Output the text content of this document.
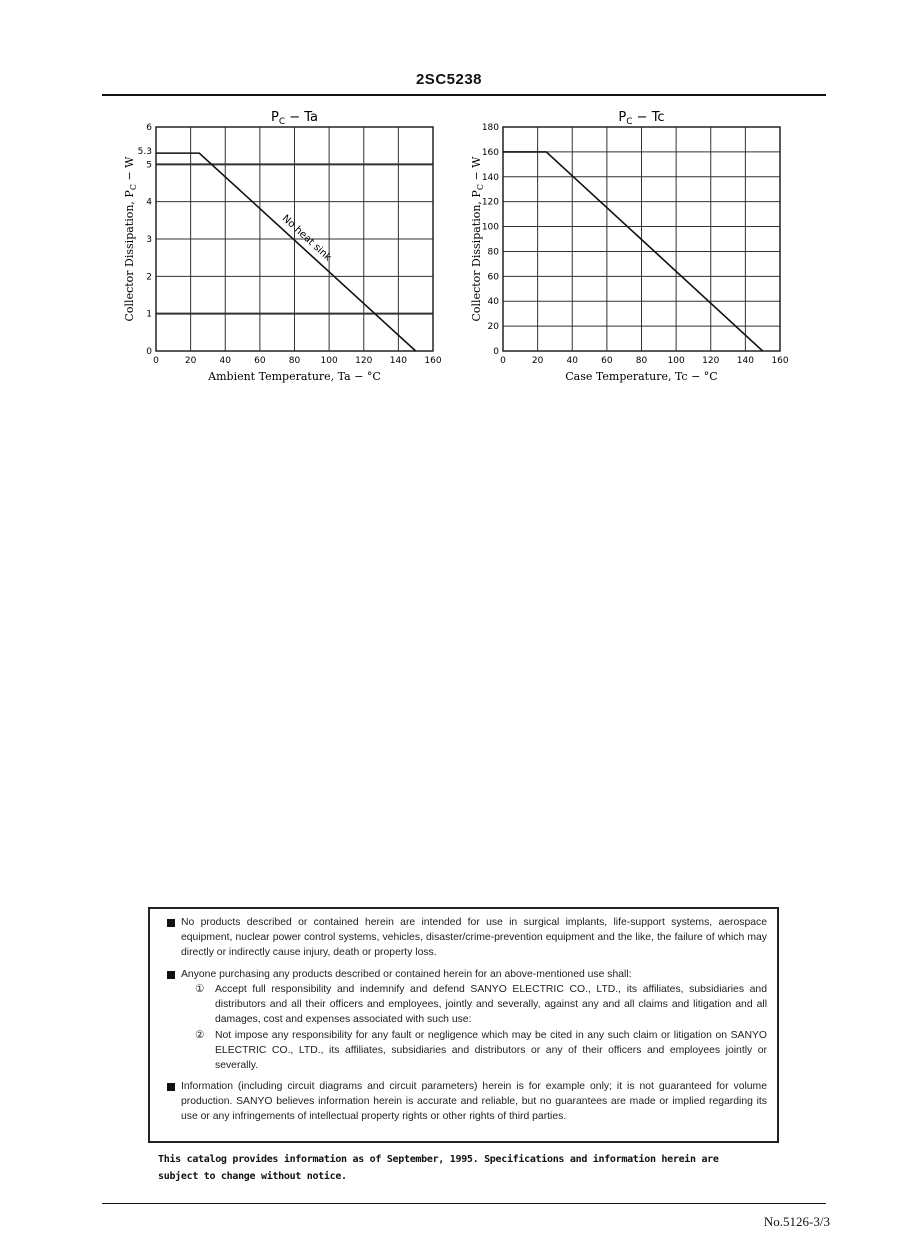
2SC5238
$P_C - Ta$
0	20	40	60	80 100 120 140 160
0
1
2
3
4
5
6
5.3
No heat sink
Ambient Temperature, Ta − °C
Collector Dissipation, $P_C - W$
$P_C - Tc$
0	20	40	60	80 100 120 140 160
0
20
40
60
80
100
120
140
160
180
Case Temperature, Tc − °C
Collector Dissipation, $P_C - W$
No products described or contained herein are intended for use in surgical implants, life-support systems, aerospace equipment, nuclear power control systems, vehicles, disaster/crime-prevention equipment and the like, the failure of which may directly or indirectly cause injury, death or property loss.
Anyone purchasing any products described or contained herein for an above-mentioned use shall:
① Accept full responsibility and indemnify and defend SANYO ELECTRIC CO., LTD., its affiliates, subsidiaries and distributors and all their officers and employees, jointly and severally, against any and all claims and litigation and all damages, cost and expenses associated with such use:
② Not impose any responsibility for any fault or negligence which may be cited in any such claim or litigation on SANYO ELECTRIC CO., LTD., its affiliates, subsidiaries and distributors or any of their officers and employees jointly or severally.
Information (including circuit diagrams and circuit parameters) herein is for example only; it is not guaranteed for volume production. SANYO believes information herein is accurate and reliable, but no guarantees are made or implied regarding its use or any infringements of intellectual property rights or other rights of third parties.
This catalog provides information as of September, 1995. Specifications and information herein are
subject to change without notice.
No.5126-3/3
